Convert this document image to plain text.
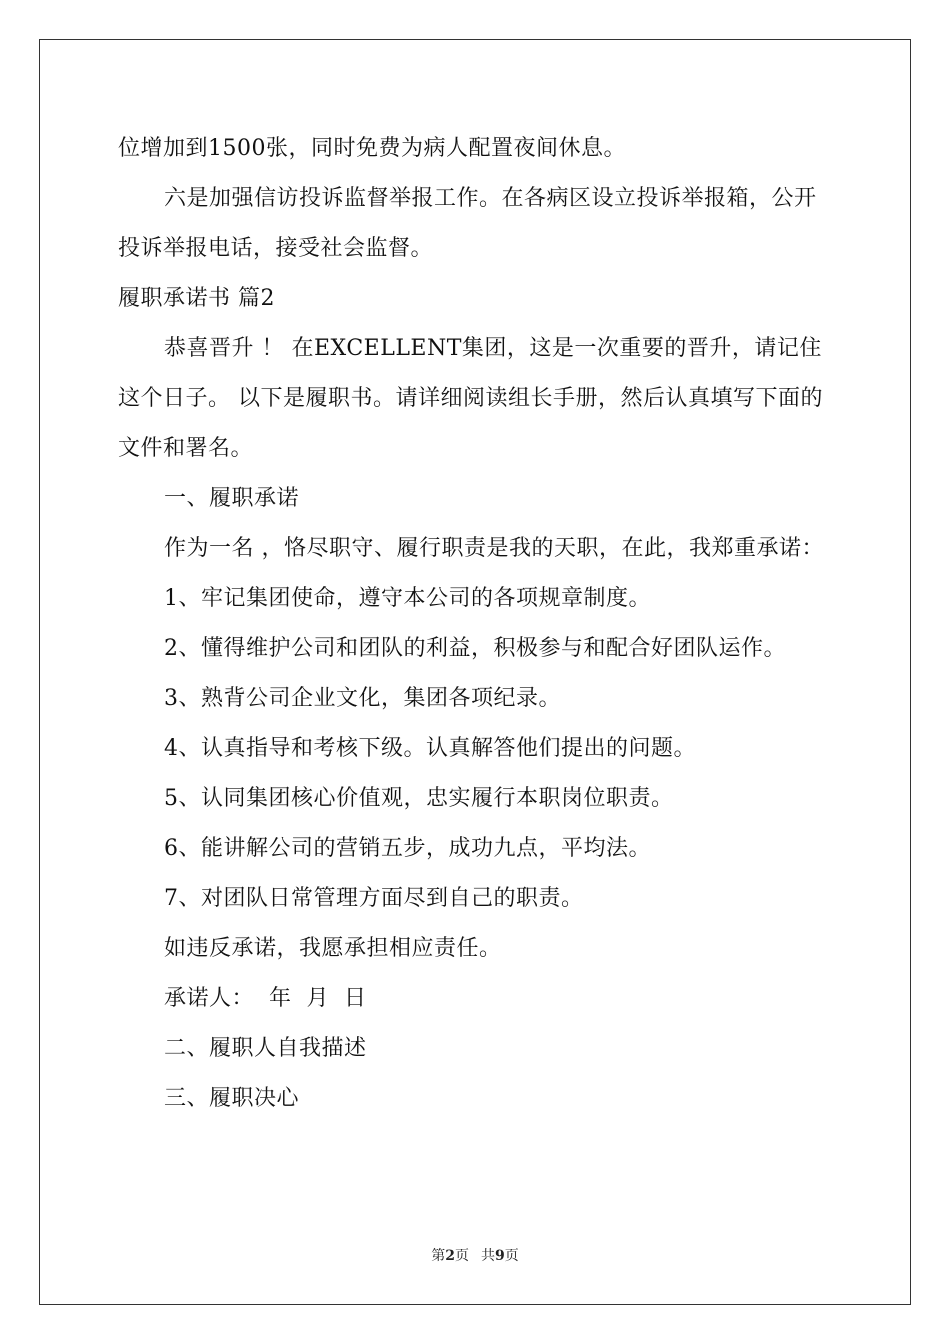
位增加到1500张，同时免费为病人配置夜间休息。

六是加强信访投诉监督举报工作。在各病区设立投诉举报箱，公开投诉举报电话，接受社会监督。

履职承诺书 篇2

恭喜晋升 ！ 在EXCELLENT集团，这是一次重要的晋升，请记住这个日子。 以下是履职书。请详细阅读组长手册，然后认真填写下面的文件和署名。

一、履职承诺

作为一名 ，恪尽职守、履行职责是我的天职，在此，我郑重承诺：

1、牢记集团使命，遵守本公司的各项规章制度。

2、懂得维护公司和团队的利益，积极参与和配合好团队运作。

3、熟背公司企业文化，集团各项纪录。

4、认真指导和考核下级。认真解答他们提出的问题。

5、认同集团核心价值观，忠实履行本职岗位职责。

6、能讲解公司的营销五步，成功九点，平均法。

7、对团队日常管理方面尽到自己的职责。

如违反承诺，我愿承担相应责任。

承诺人：  年  月  日

二、履职人自我描述

三、履职决心

第2页 共9页
